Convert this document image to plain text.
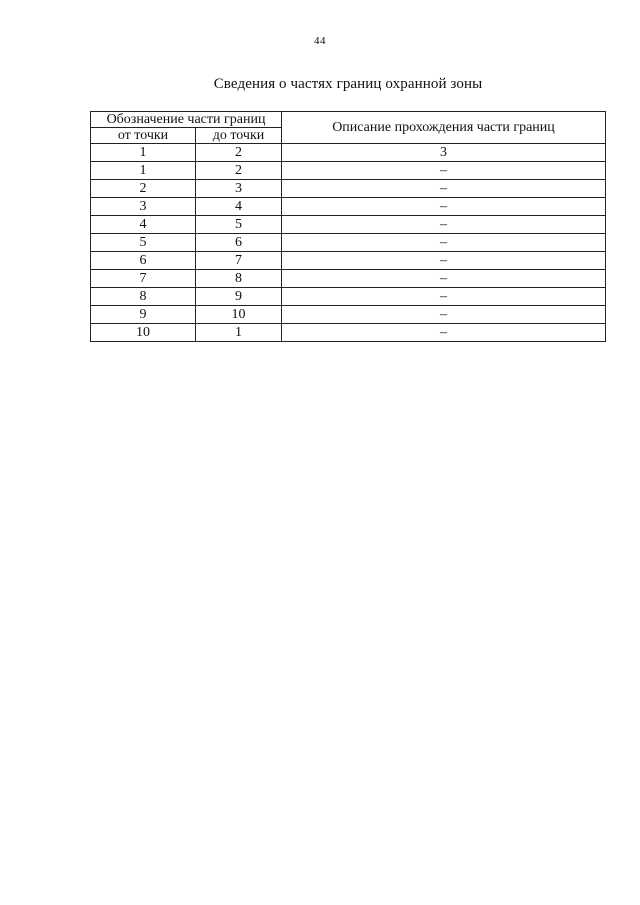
44
Сведения о частях границ охранной зоны
Обозначение части границ		Описание прохождения части границ
от точки	до точки	
1	2	3
1	2	–
2	3	–
3	4	–
4	5	–
5	6	–
6	7	–
7	8	–
8	9	–
9	10	–
10	1	–
